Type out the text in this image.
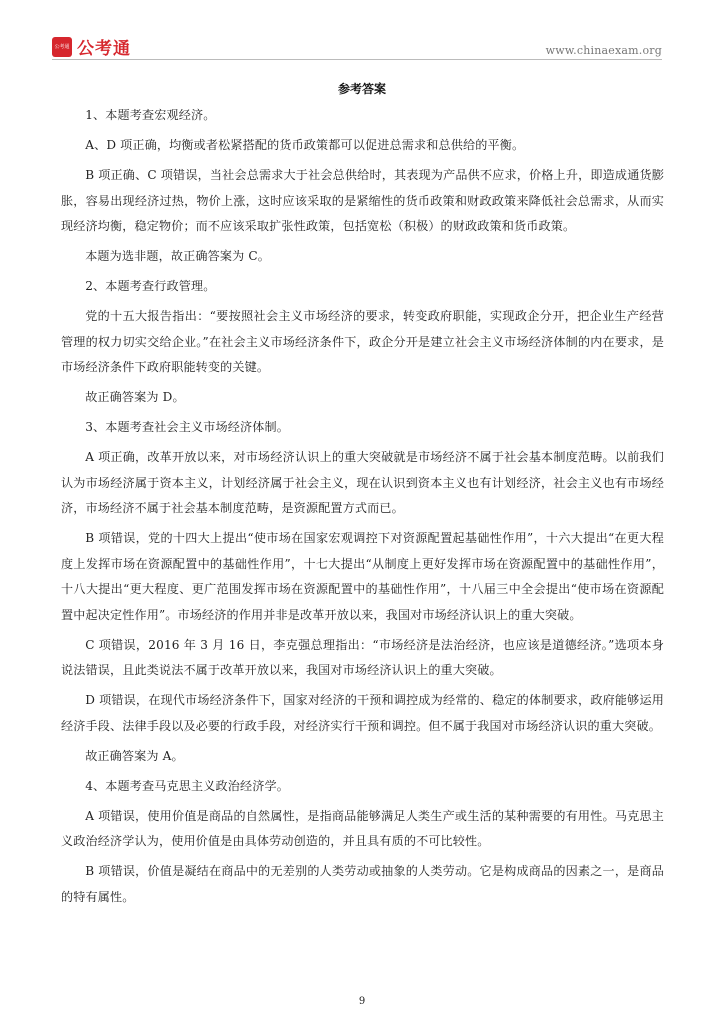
公考通 公考通	www.chinaexam.org
参考答案

1、本题考查宏观经济。

A、D 项正确，均衡或者松紧搭配的货币政策都可以促进总需求和总供给的平衡。

B 项正确、C 项错误，当社会总需求大于社会总供给时，其表现为产品供不应求，价格上升，即造成通货膨胀，容易出现经济过热，物价上涨，这时应该采取的是紧缩性的货币政策和财政政策来降低社会总需求，从而实现经济均衡，稳定物价；而不应该采取扩张性政策，包括宽松（积极）的财政政策和货币政策。

本题为选非题，故正确答案为 C。

2、本题考查行政管理。

党的十五大报告指出：“要按照社会主义市场经济的要求，转变政府职能，实现政企分开，把企业生产经营管理的权力切实交给企业。”在社会主义市场经济条件下，政企分开是建立社会主义市场经济体制的内在要求，是市场经济条件下政府职能转变的关键。

故正确答案为 D。

3、本题考查社会主义市场经济体制。

A 项正确，改革开放以来，对市场经济认识上的重大突破就是市场经济不属于社会基本制度范畴。以前我们认为市场经济属于资本主义，计划经济属于社会主义，现在认识到资本主义也有计划经济，社会主义也有市场经济，市场经济不属于社会基本制度范畴，是资源配置方式而已。

B 项错误，党的十四大上提出“使市场在国家宏观调控下对资源配置起基础性作用”，十六大提出“在更大程度上发挥市场在资源配置中的基础性作用”，十七大提出“从制度上更好发挥市场在资源配置中的基础性作用”，十八大提出“更大程度、更广范围发挥市场在资源配置中的基础性作用”，十八届三中全会提出“使市场在资源配置中起决定性作用”。市场经济的作用并非是改革开放以来，我国对市场经济认识上的重大突破。

C 项错误，2016 年 3 月 16 日，李克强总理指出：“市场经济是法治经济，也应该是道德经济。”选项本身说法错误，且此类说法不属于改革开放以来，我国对市场经济认识上的重大突破。

D 项错误，在现代市场经济条件下，国家对经济的干预和调控成为经常的、稳定的体制要求，政府能够运用经济手段、法律手段以及必要的行政手段，对经济实行干预和调控。但不属于我国对市场经济认识的重大突破。

故正确答案为 A。

4、本题考查马克思主义政治经济学。

A 项错误，使用价值是商品的自然属性，是指商品能够满足人类生产或生活的某种需要的有用性。马克思主义政治经济学认为，使用价值是由具体劳动创造的，并且具有质的不可比较性。

B 项错误，价值是凝结在商品中的无差别的人类劳动或抽象的人类劳动。它是构成商品的因素之一，是商品的特有属性。

9
